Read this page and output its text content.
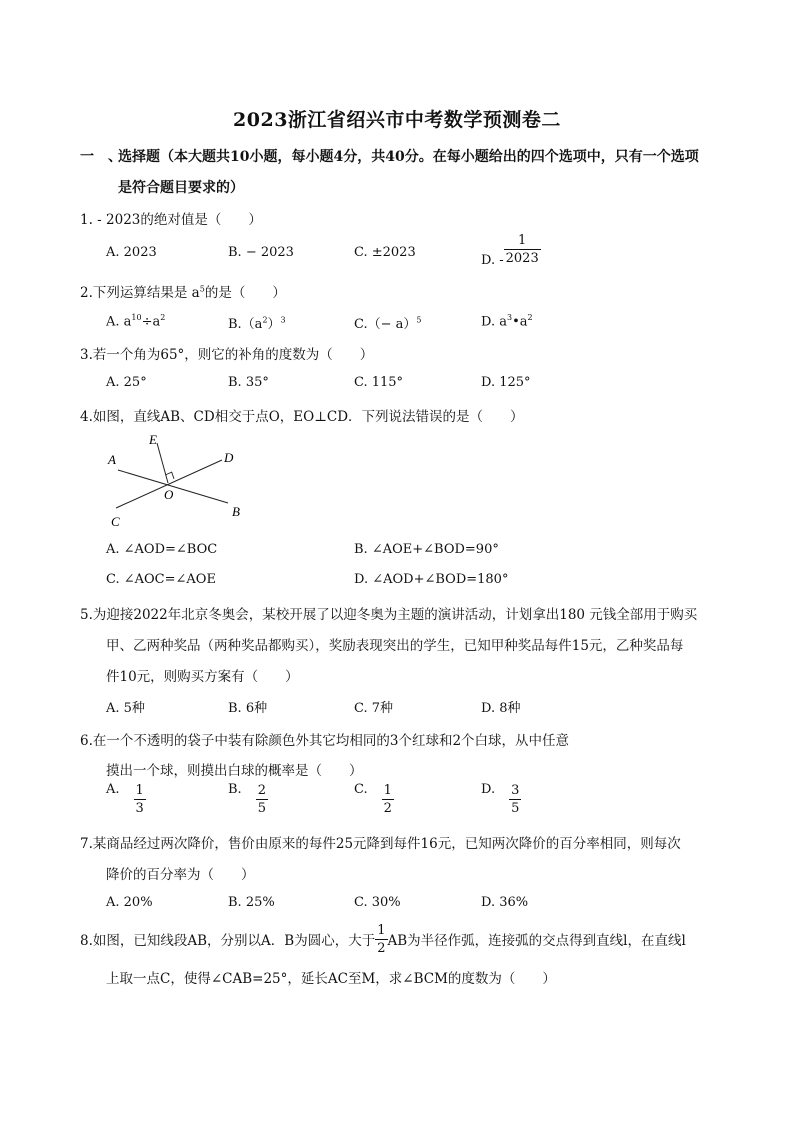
2023浙江省绍兴市中考数学预测卷二
一　、
选择题（本大题共10小题，每小题4分，共40分。在每小题给出的四个选项中，只有一个选项
是符合题目要求的）
1. - 2023的绝对值是（　　）
A. 2023	B. − 2023	C. ±2023
D. - $\frac{1}{2023}$
2.下列运算结果是 $a^5$的是（　　）
A. $a^{10}\div a^2$	$B.(a^2)^3$	$C.(- a)^5$	D. $a^3•a^2$
3.若一个角为65°，则它的补角的度数为（　　）
A. 25°	B. 35°	C. 115°	D. 125°
4.如图，直线AB、CD相交于点O，EO⊥CD．下列说法错误的是（　　）
A
B
C
D
E
O
A. ∠AOD=∠BOC	B. ∠AOE+∠BOD=90°
C. ∠AOC=∠AOE	D. ∠AOD+∠BOD=180°
5.为迎接2022年北京冬奥会，某校开展了以迎冬奥为主题的演讲活动，计划拿出180 元钱全部用于购买
甲、乙两种奖品（两种奖品都购买），奖励表现突出的学生，已知甲种奖品每件15元，乙种奖品每
件10元，则购买方案有（　　）
A. 5种	B. 6种	C. 7种	D. 8种
6.在一个不透明的袋子中装有除颜色外其它均相同的3个红球和2个白球，从中任意
摸出一个球，则摸出白球的概率是（　　）
A. $\frac{1}{3}$	B. $\frac{2}{5}$	C. $\frac{1}{2}$	D. $\frac{3}{5}$
7.某商品经过两次降价，售价由原来的每件25元降到每件16元，已知两次降价的百分率相同，则每次
降价的百分率为（　　）
A. 20%	B. 25%	C. 30%	D. 36%
8.如图，已知线段AB，分别以A．B为圆心，大于 $\frac{1}{2}$ AB为半径作弧，连接弧的交点得到直线l，在直线l
上取一点C，使得∠CAB=25°，延长AC至M，求∠BCM的度数为（　　）
